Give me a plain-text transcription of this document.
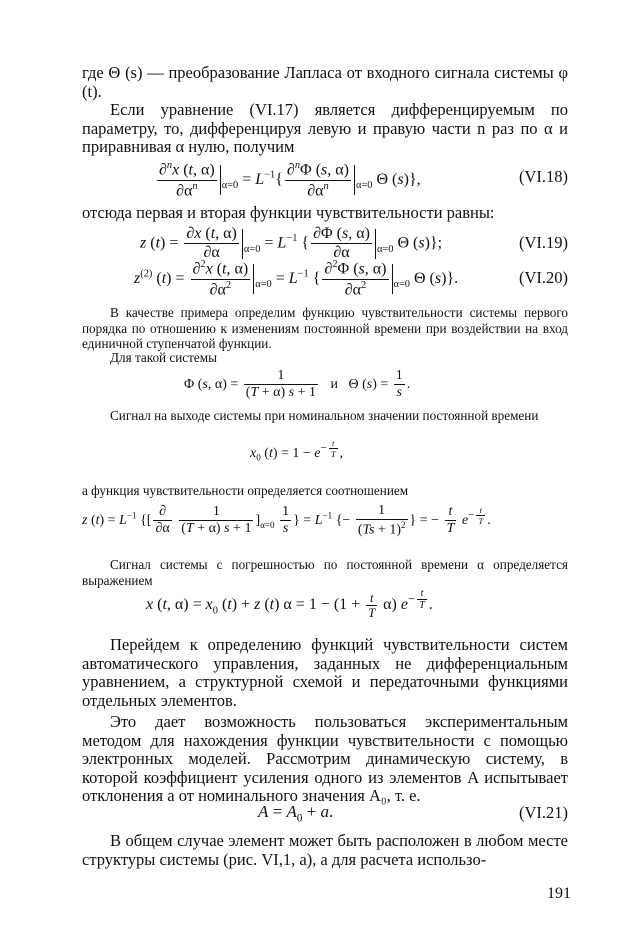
где Θ (s) — преобразование Лапласа от входного сигнала системы φ (t).
Если уравнение (VI.17) является дифференцируемым по параметру, то, дифференцируя левую и правую части n раз по α и приравнивая α нулю, получим
$\frac{\partial^nx (t, \alpha)}{\partial\alpha^n} _{\alpha=0} = L^{-1}\{ \frac{\partial^n\Phi (s, \alpha)}{\partial\alpha^n} _{\alpha=0}$ Θ (s)},	(VI.18)
отсюда первая и вторая функции чувствительности равны:
z $(t) = \frac{\partial x (t, \alpha)}{\partial\alpha} _{\alpha=0} = L^{-1}$ { $\frac{\partial\Phi (s, \alpha)}{\partial\alpha} _{\alpha=0}$ Θ (s)};	(VI.19)
$z^{(2)}$ $(t) = \frac{\partial^2x (t, \alpha)}{\partial\alpha^2} _{\alpha=0} = L^{-1}$ { $\frac{\partial^2\Phi (s, \alpha)}{\partial\alpha^2} _{\alpha=0}$ Θ (s)}.	(VI.20)
В качестве примера определим функцию чувствительности системы первого порядка по отношению к изменениям постоянной времени при воздействии на вход единичной ступенчатой функции.
Для такой системы
Φ (s, $\alpha) = \frac{1}{(T + \alpha) s + 1}$ и   Θ $(s) = \frac{1}{s}$ .
Сигнал на выходе системы при номинальном значении постоянной времени
$x_0$ $(t) = 1 - e^{- \frac{t}{T}}$ ,
а функция чувствительности определяется соотношением
z $(t) = L^{-1}$ {[ $\frac{\partial}{\partial\alpha}$
$\frac{1}{(T + \alpha) s + 1} ]_{\alpha=0} \frac{1}{s}$ } = $L^{-1}$ {− $\frac{1}{(Ts + 1)^2}$ } = − $\frac{t}{T} e^{- \frac{t}{T}}$ .
Сигнал системы с погрешностью по постоянной времени α определяется выражением
x (t, $\alpha) = x_0$ (t) + z (t) $\alpha = 1 - (1 + \frac{t}{T} \alpha)$ $e^{- \frac{t}{T}}$ .
Перейдем к определению функций чувствительности систем автоматического управления, заданных не дифференциальным уравнением, а структурной схемой и передаточными функциями отдельных элементов.
Это дает возможность пользоваться экспериментальным методом для нахождения функции чувствительности с помощью электронных моделей. Рассмотрим динамическую систему, в которой коэффициент усиления одного из элементов A испытывает отклонения a от номинального значения A₀, т. е.
$A = A_0 + a$.	(VI.21)
В общем случае элемент может быть расположен в любом месте структуры системы (рис. VI,1, a), а для расчета использо-
191
